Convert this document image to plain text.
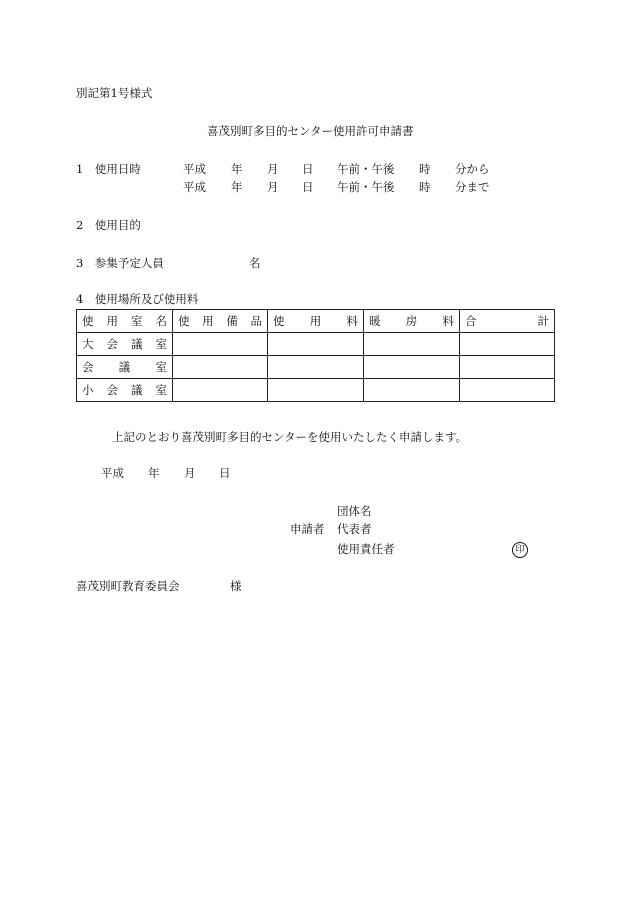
別記第1号様式
喜茂別町多目的センター使用許可申請書
1　使用日時	平成 年 月 日 午前・午後 時 分から
平成 年 月 日 午前・午後 時 分まで
2　使用目的
3　参集予定人員	名
4　使用場所及び使用料
使 用 室 名	使 用 備 品	使 用 料	暖 房 料	合 計

大 会 議 室				

会 議 室				

小 会 議 室				

上記のとおり喜茂別町多目的センターを使用いたしたく申請します。
平成 年 月 日
団体名
申請者 代表者
使用責任者	印
喜茂別町教育委員会	様
